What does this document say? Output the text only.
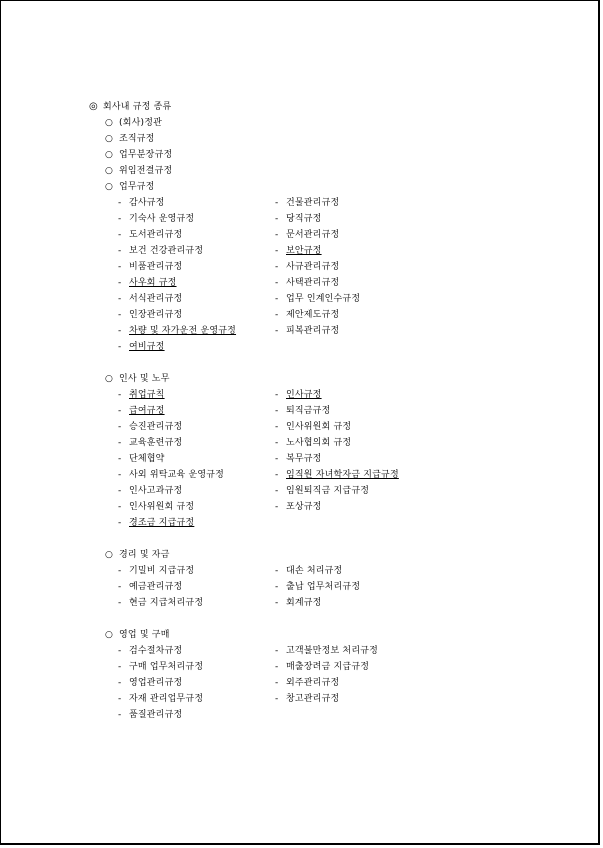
◎ 회사내 규정 종류
○ (회사)정관
○ 조직규정
○ 업무분장규정
○ 위임전결규정
○ 업무규정
- 감사규정	- 건물관리규정
- 기숙사 운영규정	- 당직규정
- 도서관리규정	- 문서관리규정
- 보건 건강관리규정	- 보안규정
- 비품관리규정	- 사규관리규정
- 사우회 규정	- 사택관리규정
- 서식관리규정	- 업무 인계인수규정
- 인장관리규정	- 제안제도규정
- 차량 및 자가운전 운영규정	- 피복관리규정
- 여비규정
○ 인사 및 노무
- 취업규칙	- 인사규정
- 급여규정	- 퇴직금규정
- 승진관리규정	- 인사위원회 규정
- 교육훈련규정	- 노사협의회 규정
- 단체협약	- 복무규정
- 사외 위탁교육 운영규정	- 임직원 자녀학자금 지급규정
- 인사고과규정	- 임원퇴직금 지급규정
- 인사위원회 규정	- 포상규정
- 경조금 지급규정
○ 경리 및 자금
- 기밀비 지급규정	- 대손 처리규정
- 예금관리규정	- 출납 업무처리규정
- 현금 지급처리규정	- 회계규정
○ 영업 및 구매
- 검수절차규정	- 고객불만정보 처리규정
- 구매 업무처리규정	- 매출장려금 지급규정
- 영업관리규정	- 외주관리규정
- 자재 관리업무규정	- 창고관리규정
- 품질관리규정
